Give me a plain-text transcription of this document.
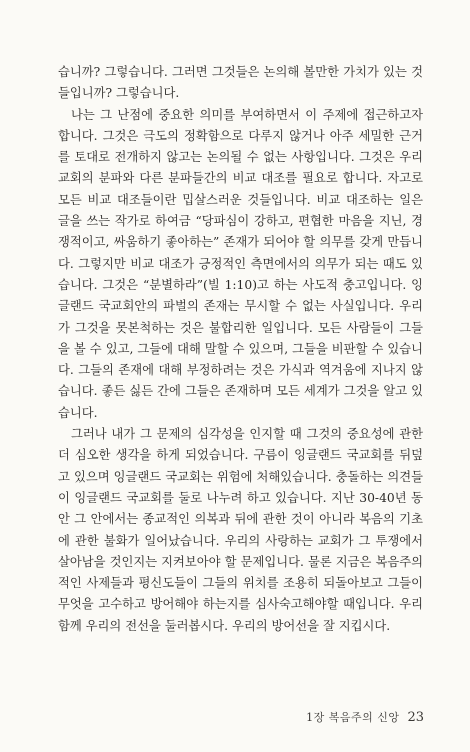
습니까? 그렇습니다. 그러면 그것들은 논의해 볼만한 가치가 있는 것들입니까? 그렇습니다.

나는 그 난점에 중요한 의미를 부여하면서 이 주제에 접근하고자 합니다. 그것은 극도의 정확함으로 다루지 않거나 아주 세밀한 근거를 토대로 전개하지 않고는 논의될 수 없는 사항입니다. 그것은 우리 교회의 분파와 다른 분파들간의 비교 대조를 필요로 합니다. 자고로 모든 비교 대조들이란 밉살스러운 것들입니다. 비교 대조하는 일은 글을 쓰는 작가로 하여금 “당파심이 강하고, 편협한 마음을 지닌, 경쟁적이고, 싸움하기 좋아하는” 존재가 되어야 할 의무를 갖게 만듭니다. 그렇지만 비교 대조가 긍정적인 측면에서의 의무가 되는 때도 있습니다. 그것은 “분별하라”(빌 1:10)고 하는 사도적 충고입니다. 잉글랜드 국교회안의 파벌의 존재는 무시할 수 없는 사실입니다. 우리가 그것을 못본척하는 것은 불합리한 일입니다. 모든 사람들이 그들을 볼 수 있고, 그들에 대해 말할 수 있으며, 그들을 비판할 수 있습니다. 그들의 존재에 대해 부정하려는 것은 가식과 역겨움에 지나지 않습니다. 좋든 싫든 간에 그들은 존재하며 모든 세계가 그것을 알고 있습니다.

그러나 내가 그 문제의 심각성을 인지할 때 그것의 중요성에 관한 더 심오한 생각을 하게 되었습니다. 구름이 잉글랜드 국교회를 뒤덮고 있으며 잉글랜드 국교회는 위험에 처해있습니다. 충돌하는 의견들이 잉글랜드 국교회를 둘로 나누려 하고 있습니다. 지난 30-40년 동안 그 안에서는 종교적인 의복과 뒤에 관한 것이 아니라 복음의 기초에 관한 불화가 일어났습니다. 우리의 사랑하는 교회가 그 투쟁에서 살아남을 것인지는 지켜보아야 할 문제입니다. 물론 지금은 복음주의적인 사제들과 평신도들이 그들의 위치를 조용히 되돌아보고 그들이 무엇을 고수하고 방어해야 하는지를 심사숙고해야할 때입니다. 우리 함께 우리의 전선을 둘러봅시다. 우리의 방어선을 잘 지킵시다.

1장 복음주의 신앙 23
